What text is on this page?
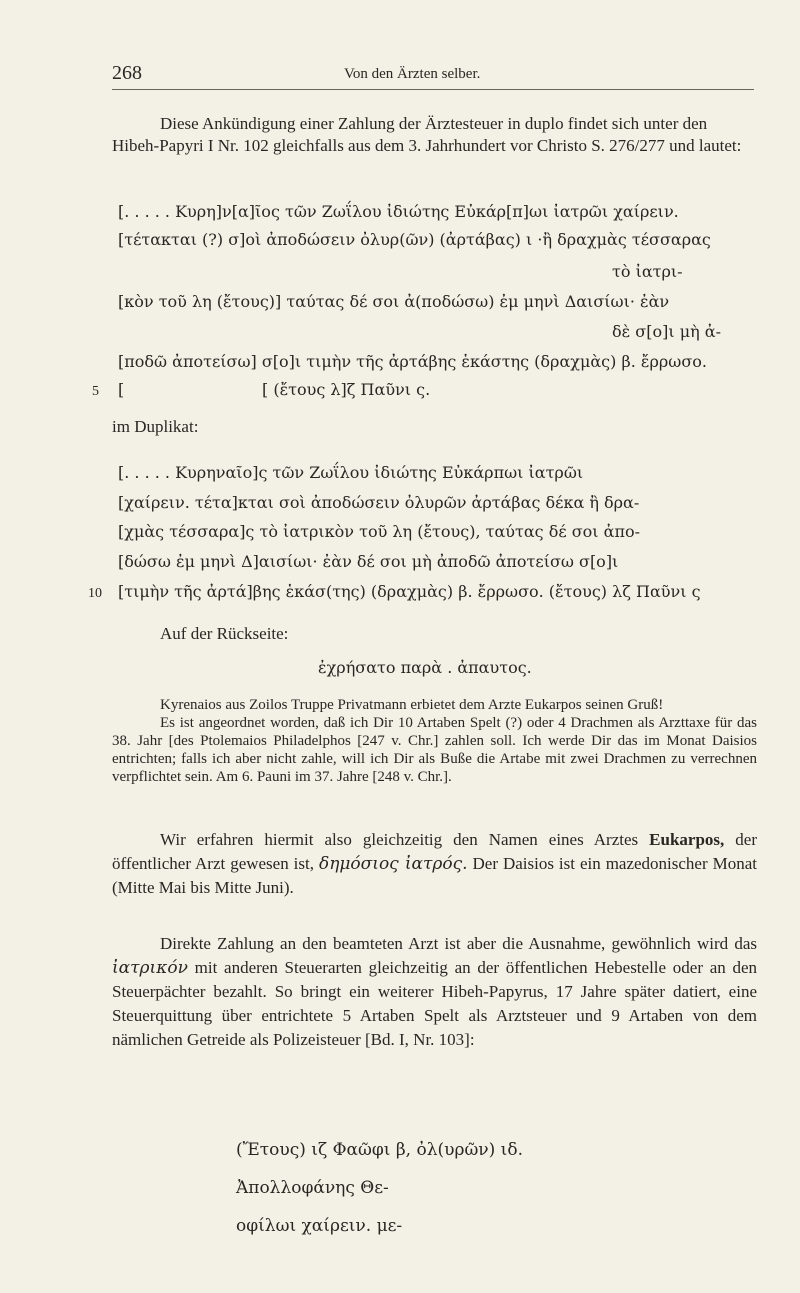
268	Von den Ärzten selber.
Diese Ankündigung einer Zahlung der Ärztesteuer in duplo findet sich unter den Hibeh-Papyri I Nr. 102 gleichfalls aus dem 3. Jahrhundert vor Christo S. 276/277 und lautet:
[. . . . . Κυρη]ν[α]ῖος τῶν Ζωΐλου ἰδιώτης Εὐκάρ[π]ωι ἰατρῶι χαίρειν.
[τέτακται (?) σ]οὶ ἀποδώσειν ὀλυρ(ῶν) (ἀρτάβας) ι ·ἢ δραχμὰς τέσσαρας
τὸ ἰατρι-
[κὸν τοῦ λη (ἔτους)] ταύτας δέ σοι ἀ(ποδώσω) ἐμ μηνὶ Δαισίωι· ἐὰν
δὲ σ[ο]ι μὴ ἀ-
[ποδῶ ἀποτείσω] σ[ο]ι τιμὴν τῆς ἀρτάβης ἑκάστης (δραχμὰς) β. ἔρρωσο.
5 [	[ (ἔτους λ]ζ Παῦνι ς.
im Duplikat:
[. . . . . Κυρηναῖο]ς τῶν Ζωΐλου ἰδιώτης Εὐκάρπωι ἰατρῶι
[χαίρειν. τέτα]κται σοὶ ἀποδώσειν ὀλυρῶν ἀρτάβας δέκα ἢ δρα-
[χμὰς τέσσαρα]ς τὸ ἰατρικὸν τοῦ λη (ἔτους), ταύτας δέ σοι ἀπο-
[δώσω ἐμ μηνὶ Δ]αισίωι· ἐὰν δέ σοι μὴ ἀποδῶ ἀποτείσω σ[ο]ι
10 [τιμὴν τῆς ἀρτά]βης ἑκάσ(της) (δραχμὰς) β. ἔρρωσο. (ἔτους) λζ Παῦνι ς
Auf der Rückseite:
ἐχρήσατο παρὰ . ἀπαυτος.

Kyrenaios aus Zoilos Truppe Privatmann erbietet dem Arzte Eukarpos seinen Gruß!

Es ist angeordnet worden, daß ich Dir 10 Artaben Spelt (?) oder 4 Drachmen als Arzttaxe für das 38. Jahr [des Ptolemaios Philadelphos [247 v. Chr.] zahlen soll. Ich werde Dir das im Monat Daisios entrichten; falls ich aber nicht zahle, will ich Dir als Buße die Artabe mit zwei Drachmen zu verrechnen verpflichtet sein. Am 6. Pauni im 37. Jahre [248 v. Chr.].

Wir erfahren hiermit also gleichzeitig den Namen eines Arztes Eukarpos, der öffentlicher Arzt gewesen ist, δημόσιος ἰατρός. Der Daisios ist ein mazedonischer Monat (Mitte Mai bis Mitte Juni).
Direkte Zahlung an den beamteten Arzt ist aber die Ausnahme, gewöhnlich wird das ἰατρικόν mit anderen Steuerarten gleichzeitig an der öffentlichen Hebestelle oder an den Steuerpächter bezahlt. So bringt ein weiterer Hibeh-Papyrus, 17 Jahre später datiert, eine Steuerquittung über entrichtete 5 Artaben Spelt als Arztsteuer und 9 Artaben von dem nämlichen Getreide als Polizeisteuer [Bd. I, Nr. 103]:
(Ἔτους) ιζ Φαῶφι β, ὀλ(υρῶν) ιδ.
Ἀπολλοφάνης Θε-
οφίλωι χαίρειν. με-
